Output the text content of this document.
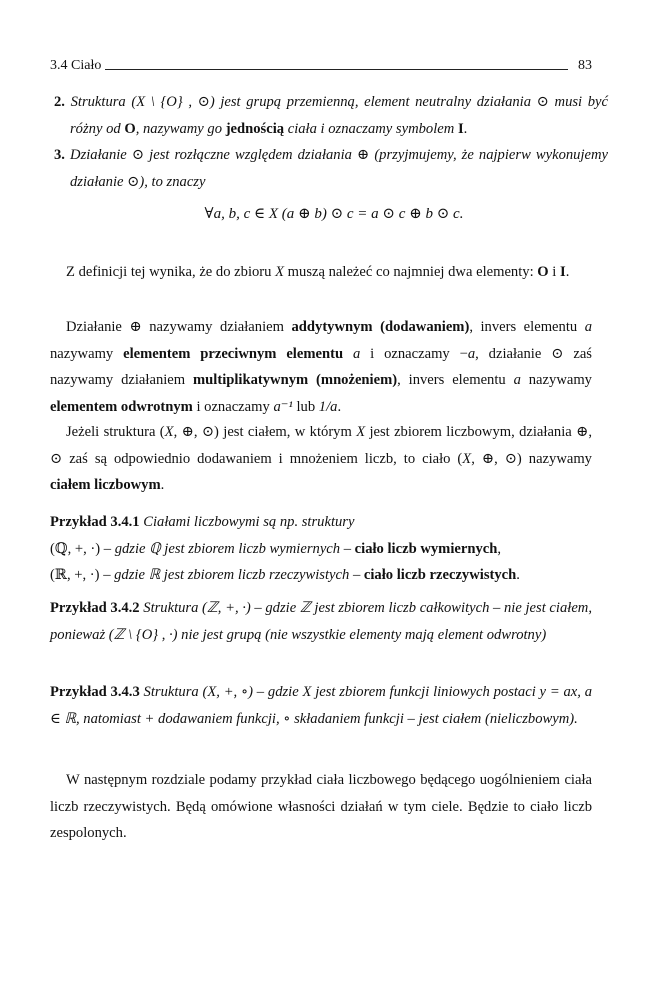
3.4 Ciało	83
∀a, b, c ∈ X (a ⊕ b) ⊙ c = a ⊙ c ⊕ b ⊙ c.
2. Struktura (X \ {O} , ⊙) jest grupą przemienną, element neutralny działania ⊙ musi być różny od O, nazywamy go jednością ciała i oznaczamy symbolem I.
3. Działanie ⊙ jest rozłączne względem działania ⊕ (przyjmujemy, że najpierw wykonujemy działanie ⊙), to znaczy
Z definicji tej wynika, że do zbioru X muszą należeć co najmniej dwa elementy: O i I.
Działanie ⊕ nazywamy działaniem addytywnym (dodawaniem), invers elementu a nazywamy elementem przeciwnym elementu a i oznaczamy −a, działanie ⊙ zaś nazywamy działaniem multiplikatywnym (mnożeniem), invers elementu a nazywamy elementem odwrotnym i oznaczamy a⁻¹ lub 1/a.
Jeżeli struktura (X, ⊕, ⊙) jest ciałem, w którym X jest zbiorem liczbowym, działania ⊕, ⊙ zaś są odpowiednio dodawaniem i mnożeniem liczb, to ciało (X, ⊕, ⊙) nazywamy ciałem liczbowym.
Przykład 3.4.1 Ciałami liczbowymi są np. struktury
(ℚ, +, ·) – gdzie ℚ jest zbiorem liczb wymiernych – ciało liczb wymiernych,
(ℝ, +, ·) – gdzie ℝ jest zbiorem liczb rzeczywistych – ciało liczb rzeczywistych.
Przykład 3.4.2 Struktura (ℤ, +, ·) – gdzie ℤ jest zbiorem liczb całkowitych – nie jest ciałem, ponieważ (ℤ \ {O} , ·) nie jest grupą (nie wszystkie elementy mają element odwrotny)
Przykład 3.4.3 Struktura (X, +, ∘) – gdzie X jest zbiorem funkcji liniowych postaci y = ax, a ∈ ℝ, natomiast + dodawaniem funkcji, ∘ składaniem funkcji – jest ciałem (nieliczbowym).
W następnym rozdziale podamy przykład ciała liczbowego będącego uogólnieniem ciała liczb rzeczywistych. Będą omówione własności działań w tym ciele. Będzie to ciało liczb zespolonych.
